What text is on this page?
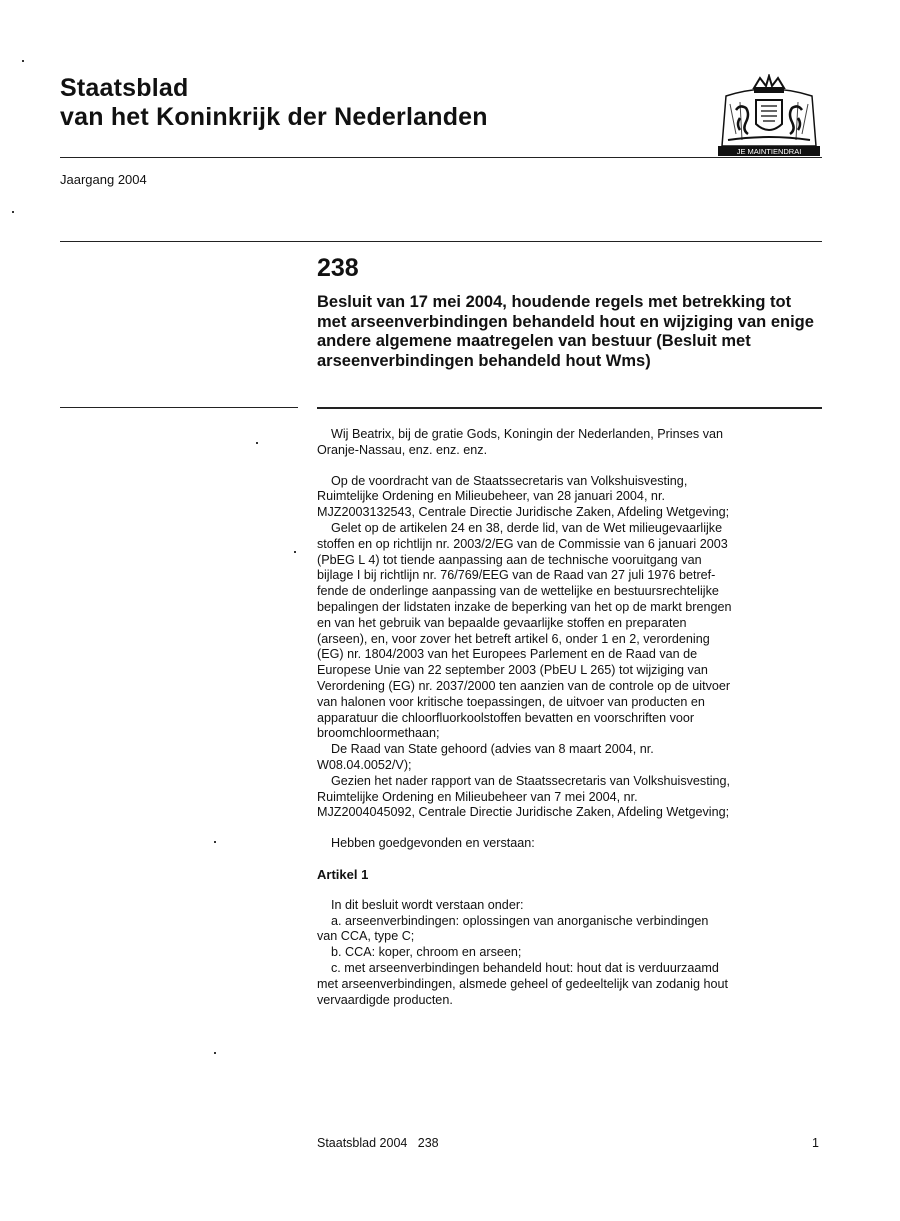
Staatsblad
van het Koninkrijk der Nederlanden
JE MAINTIENDRAI
Jaargang 2004
238
Besluit van 17 mei 2004, houdende regels met betrekking tot met arseenverbindingen behandeld hout en wijziging van enige andere algemene maatregelen van bestuur (Besluit met arseenverbindingen behandeld hout Wms)

Wij Beatrix, bij de gratie Gods, Koningin der Nederlanden, Prinses van

Oranje-Nassau, enz. enz. enz.

Op de voordracht van de Staatssecretaris van Volkshuisvesting,

Ruimtelijke Ordening en Milieubeheer, van 28 januari 2004, nr.

MJZ2003132543, Centrale Directie Juridische Zaken, Afdeling Wetgeving;

Gelet op de artikelen 24 en 38, derde lid, van de Wet milieugevaarlijke

stoffen en op richtlijn nr. 2003/2/EG van de Commissie van 6 januari 2003

(PbEG L 4) tot tiende aanpassing aan de technische vooruitgang van

bijlage I bij richtlijn nr. 76/769/EEG van de Raad van 27 juli 1976 betref-

fende de onderlinge aanpassing van de wettelijke en bestuursrechtelijke

bepalingen der lidstaten inzake de beperking van het op de markt brengen

en van het gebruik van bepaalde gevaarlijke stoffen en preparaten

(arseen), en, voor zover het betreft artikel 6, onder 1 en 2, verordening

(EG) nr. 1804/2003 van het Europees Parlement en de Raad van de

Europese Unie van 22 september 2003 (PbEU L 265) tot wijziging van

Verordening (EG) nr. 2037/2000 ten aanzien van de controle op de uitvoer

van halonen voor kritische toepassingen, de uitvoer van producten en

apparatuur die chloorfluorkoolstoffen bevatten en voorschriften voor

broomchloormethaan;

De Raad van State gehoord (advies van 8 maart 2004, nr.

W08.04.0052/V);

Gezien het nader rapport van de Staatssecretaris van Volkshuisvesting,

Ruimtelijke Ordening en Milieubeheer van 7 mei 2004, nr.

MJZ2004045092, Centrale Directie Juridische Zaken, Afdeling Wetgeving;

Hebben goedgevonden en verstaan:

Artikel 1

In dit besluit wordt verstaan onder:

a. arseenverbindingen: oplossingen van anorganische verbindingen

van CCA, type C;

b. CCA: koper, chroom en arseen;

c. met arseenverbindingen behandeld hout: hout dat is verduurzaamd

met arseenverbindingen, alsmede geheel of gedeeltelijk van zodanig hout

vervaardigde producten.

Staatsblad 2004   238	1
